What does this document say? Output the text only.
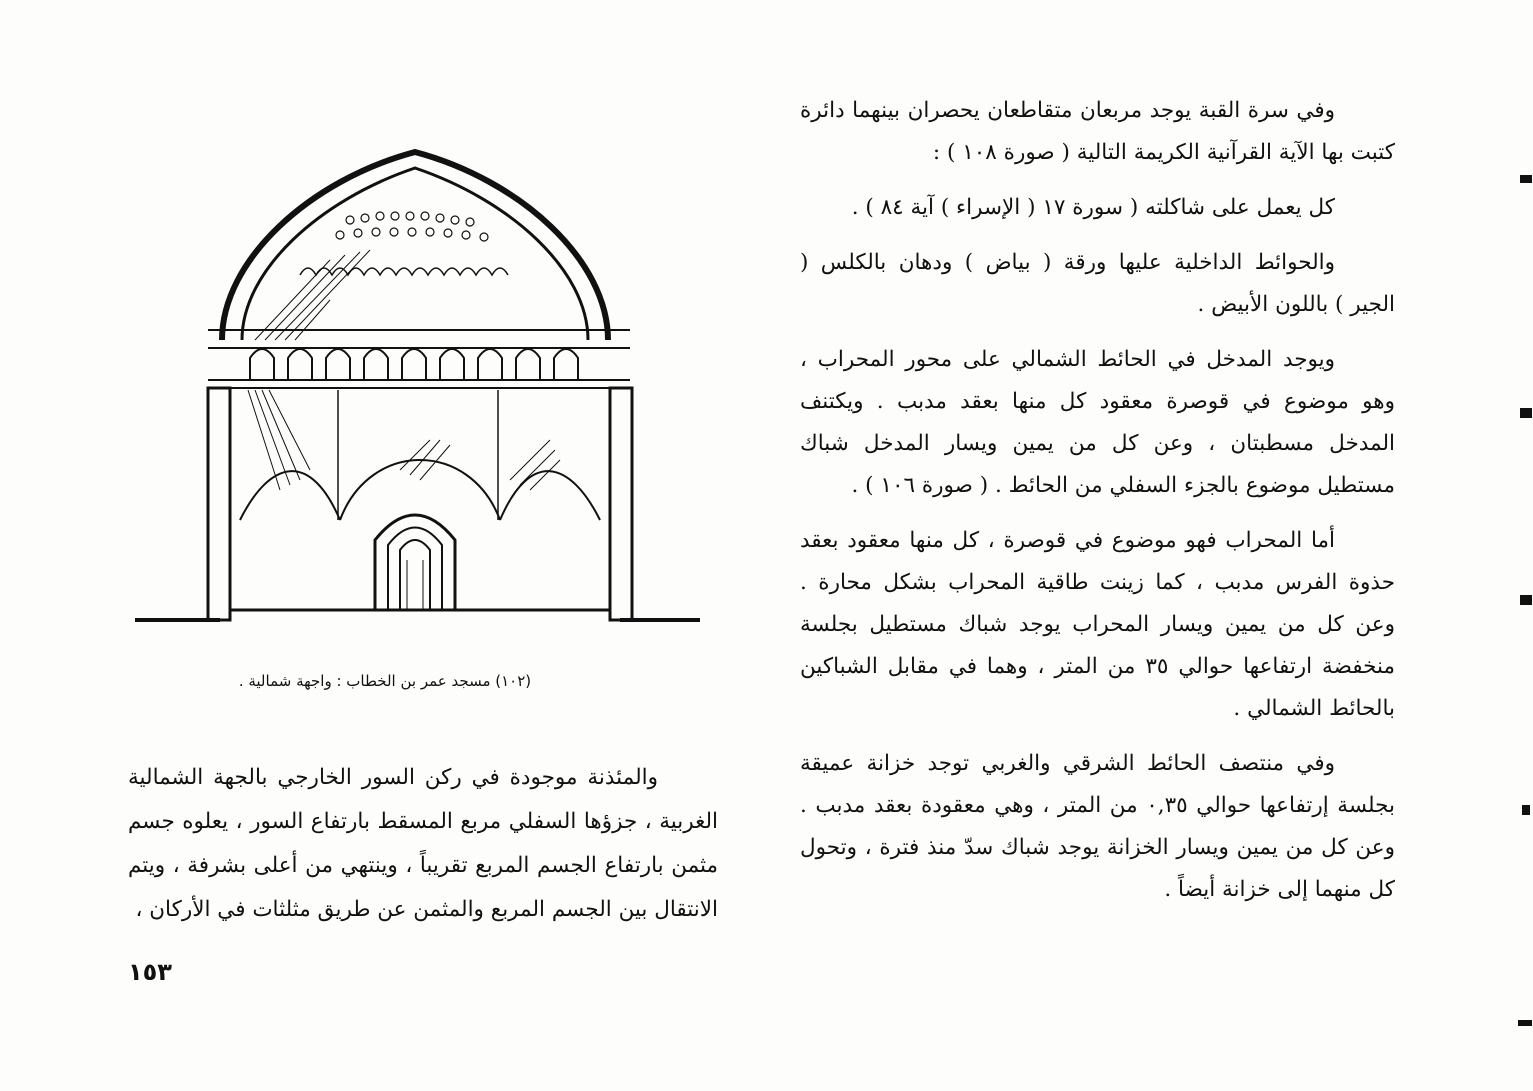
وفي سرة القبة يوجد مربعان متقاطعان يحصران بينهما دائرة كتبت بها الآية القرآنية الكريمة التالية ( صورة ١٠٨ ) :

كل يعمل على شاكلته ( سورة ١٧ ( الإسراء ) آية ٨٤ ) .

والحوائط الداخلية عليها ورقة ( بياض ) ودهان بالكلس ( الجير ) باللون الأبيض .

ويوجد المدخل في الحائط الشمالي على محور المحراب ، وهو موضوع في قوصرة معقود كل منها بعقد مدبب . ويكتنف المدخل مسطبتان ، وعن كل من يمين ويسار المدخل شباك مستطيل موضوع بالجزء السفلي من الحائط . ( صورة ١٠٦ ) .

أما المحراب فهو موضوع في قوصرة ، كل منها معقود بعقد حذوة الفرس مدبب ، كما زينت طاقية المحراب بشكل محارة . وعن كل من يمين ويسار المحراب يوجد شباك مستطيل بجلسة منخفضة ارتفاعها حوالي ٣٥ من المتر ، وهما في مقابل الشباكين بالحائط الشمالي .

وفي منتصف الحائط الشرقي والغربي توجد خزانة عميقة بجلسة إرتفاعها حوالي ٠,٣٥ من المتر ، وهي معقودة بعقد مدبب . وعن كل من يمين ويسار الخزانة يوجد شباك سدّ منذ فترة ، وتحول كل منهما إلى خزانة أيضاً .

(١٠٢) مسجد عمر بن الخطاب : واجهة شمالية .

والمئذنة موجودة في ركن السور الخارجي بالجهة الشمالية الغربية ، جزؤها السفلي مربع المسقط بارتفاع السور ، يعلوه جسم مثمن بارتفاع الجسم المربع تقريباً ، وينتهي من أعلى بشرفة ، ويتم الانتقال بين الجسم المربع والمثمن عن طريق مثلثات في الأركان ،

١٥٣
